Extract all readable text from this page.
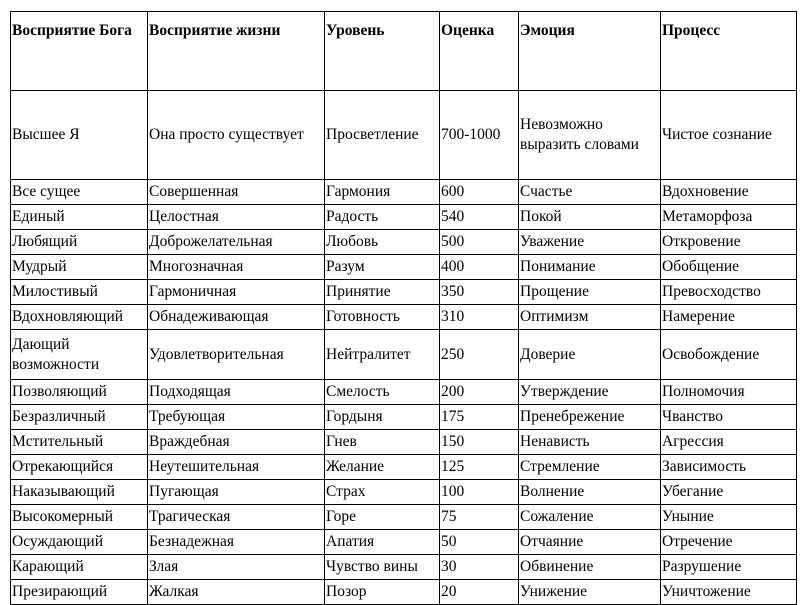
Восприятие Бога	Восприятие жизни	Уровень	Оценка	Эмоция	Процесс
Высшее Я	Она просто существует	Просветление	700-1000	Невозможно выразить словами	Чистое сознание
Все сущее	Совершенная	Гармония	600	Счастье	Вдохновение
Единый	Целостная	Радость	540	Покой	Метаморфоза
Любящий	Доброжелательная	Любовь	500	Уважение	Откровение
Мудрый	Многозначная	Разум	400	Понимание	Обобщение
Милостивый	Гармоничная	Принятие	350	Прощение	Превосходство
Вдохновляющий	Обнадеживающая	Готовность	310	Оптимизм	Намерение
Дающий возможности	Удовлетворительная	Нейтралитет	250	Доверие	Освобождение
Позволяющий	Подходящая	Смелость	200	Утверждение	Полномочия
Безразличный	Требующая	Гордыня	175	Пренебрежение	Чванство
Мстительный	Враждебная	Гнев	150	Ненависть	Агрессия
Отрекающийся	Неутешительная	Желание	125	Стремление	Зависимость
Наказывающий	Пугающая	Страх	100	Волнение	Убегание
Высокомерный	Трагическая	Горе	75	Сожаление	Уныние
Осуждающий	Безнадежная	Апатия	50	Отчаяние	Отречение
Карающий	Злая	Чувство вины	30	Обвинение	Разрушение
Презирающий	Жалкая	Позор	20	Унижение	Уничтожение
